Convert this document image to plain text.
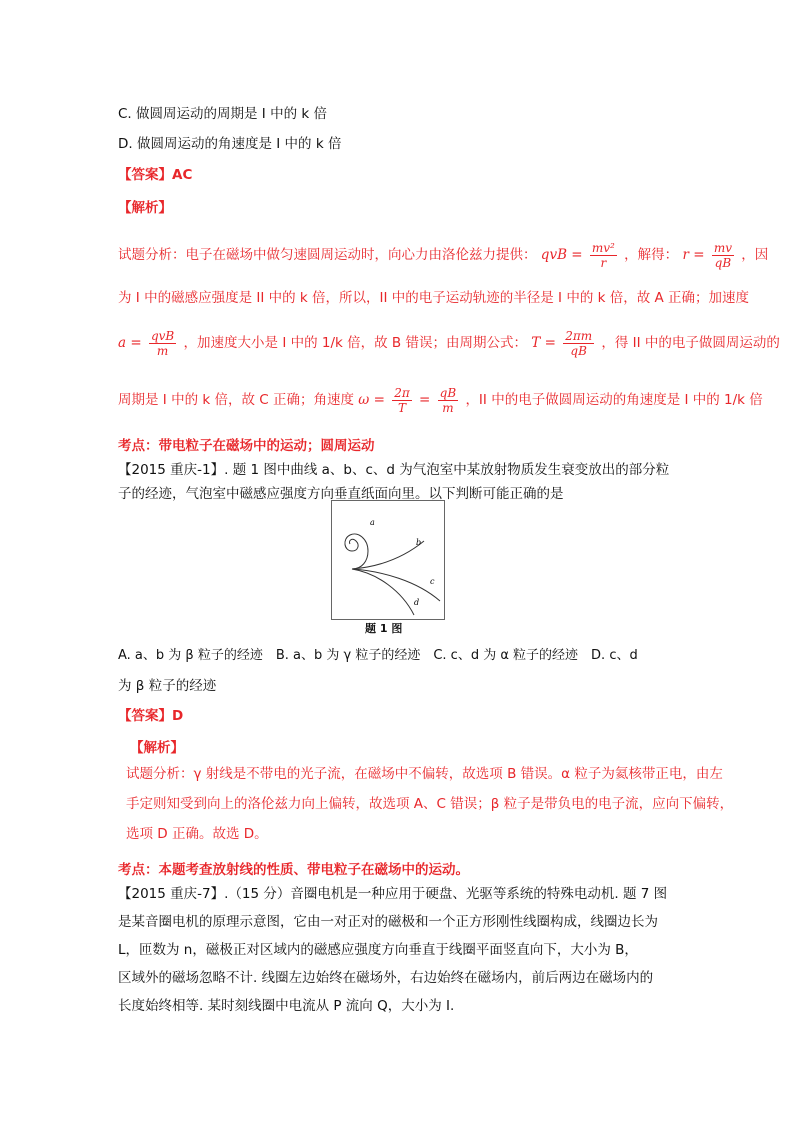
C. 做圆周运动的周期是 I 中的 k 倍
D. 做圆周运动的角速度是 I 中的 k 倍
【答案】AC
【解析】
试题分析：电子在磁场中做匀速圆周运动时，向心力由洛伦兹力提供： qvB = $\frac{\text{mv²}}{r}$ ，解得： $r = \frac{mv}{qB}$ ，因
为 I 中的磁感应强度是 II 中的 k 倍，所以，II 中的电子运动轨迹的半径是 I 中的 k 倍，故 A 正确；加速度
$a = \frac{\text{qvB}}{m}$ ，加速度大小是 I 中的 1/k 倍，故 B 错误；由周期公式： $T = \frac{2\pi m}{qB}$ ，得 II 中的电子做圆周运动的
周期是 I 中的 k 倍，故 C 正确；角速度 $\omega = \frac{2\pi}{T} = \frac{qB}{m}$ ，II 中的电子做圆周运动的角速度是 I 中的 1/k 倍
考点：带电粒子在磁场中的运动；圆周运动
【2015 重庆-1】. 题 1 图中曲线 a、b、c、d 为气泡室中某放射物质发生衰变放出的部分粒
子的经迹，气泡室中磁感应强度方向垂直纸面向里。以下判断可能正确的是
a
b
c
d
题 1 图
A. a、b 为 β 粒子的经迹　B. a、b 为 γ 粒子的经迹　C. c、d 为 α 粒子的经迹　D. c、d
为 β 粒子的经迹
【答案】D
【解析】
试题分析：γ 射线是不带电的光子流，在磁场中不偏转，故选项 B 错误。α 粒子为氦核带正电，由左
手定则知受到向上的洛伦兹力向上偏转，故选项 A、C 错误；β 粒子是带负电的电子流，应向下偏转，
选项 D 正确。故选 D。
考点：本题考查放射线的性质、带电粒子在磁场中的运动。
【2015 重庆-7】.（15 分）音圈电机是一种应用于硬盘、光驱等系统的特殊电动机. 题 7 图
是某音圈电机的原理示意图，它由一对正对的磁极和一个正方形刚性线圈构成，线圈边长为
L，匝数为 n，磁极正对区域内的磁感应强度方向垂直于线圈平面竖直向下，大小为 B，
区域外的磁场忽略不计. 线圈左边始终在磁场外，右边始终在磁场内，前后两边在磁场内的
长度始终相等. 某时刻线圈中电流从 P 流向 Q，大小为 I.
